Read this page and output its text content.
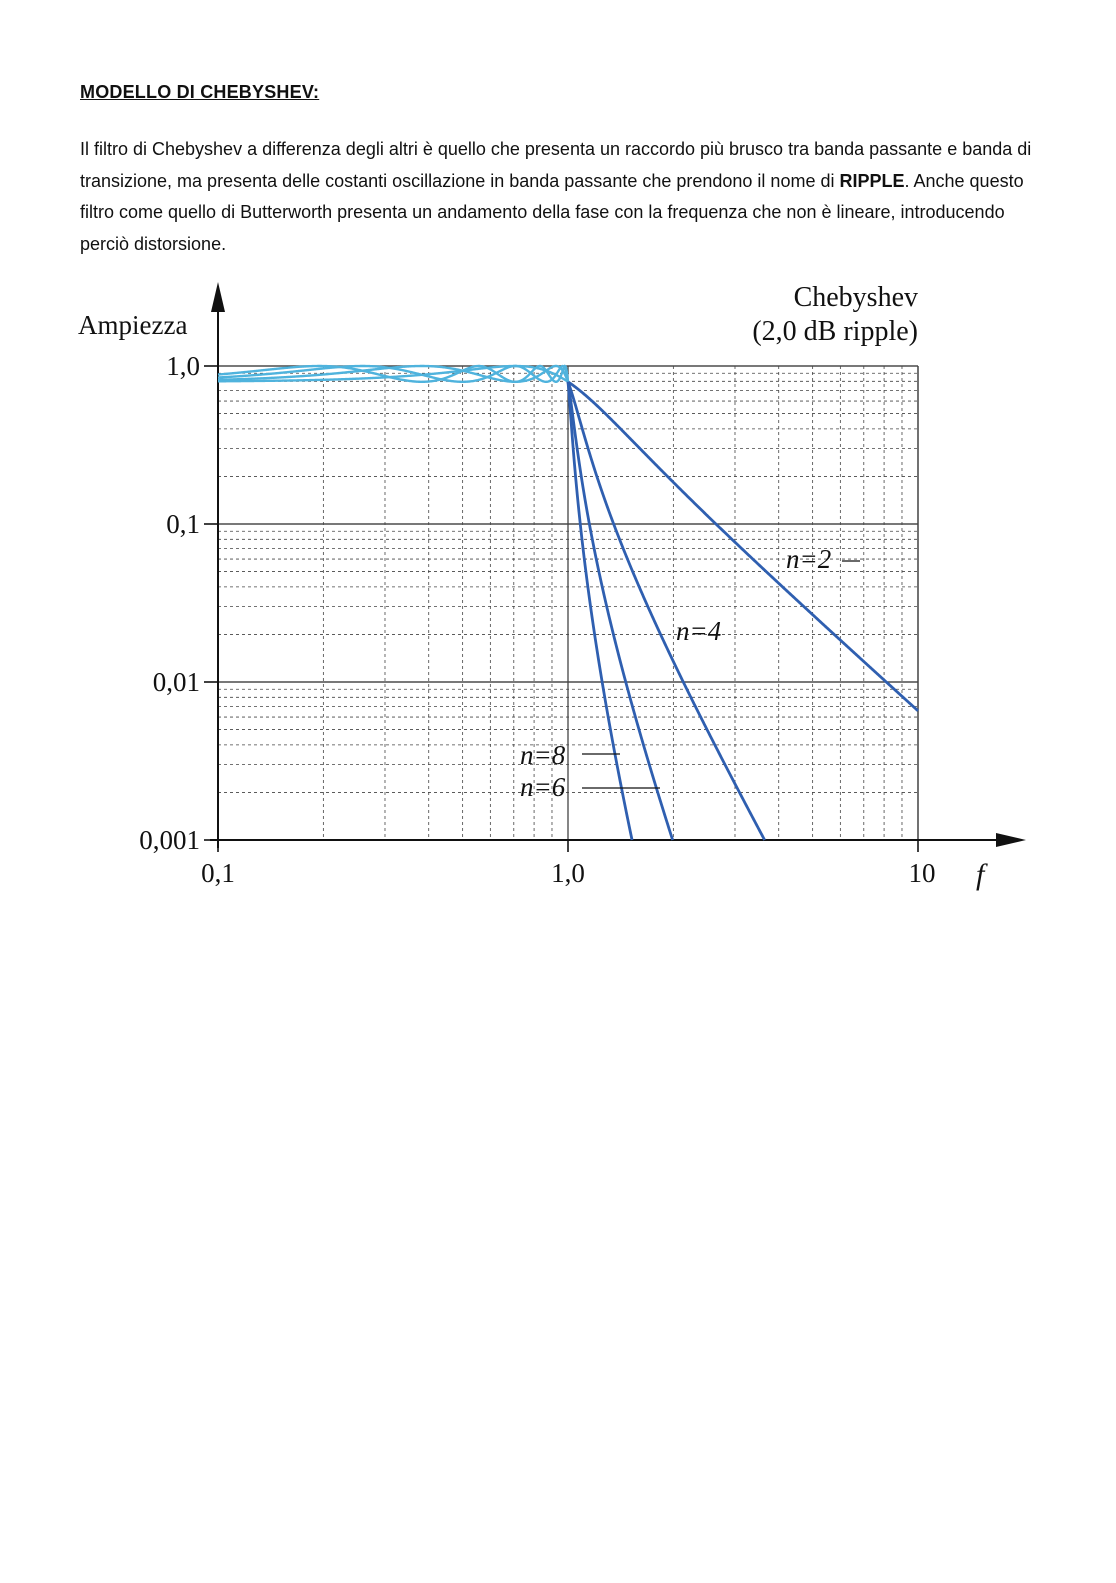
MODELLO DI CHEBYSHEV:

Il filtro di Chebyshev a differenza degli altri è quello che presenta un raccordo più brusco tra banda passante e banda di transizione, ma presenta delle costanti oscillazione in banda passante che prendono il nome di RIPPLE. Anche questo filtro come quello di Butterworth presenta un andamento della fase con la frequenza che non è lineare, introducendo perciò distorsione.

1,0
0,1
0,01
0,001
0,1	1,0	10
Ampiezza
f
Chebyshev
(2,0 dB ripple)
n=2
n=4
n=6
n=8
